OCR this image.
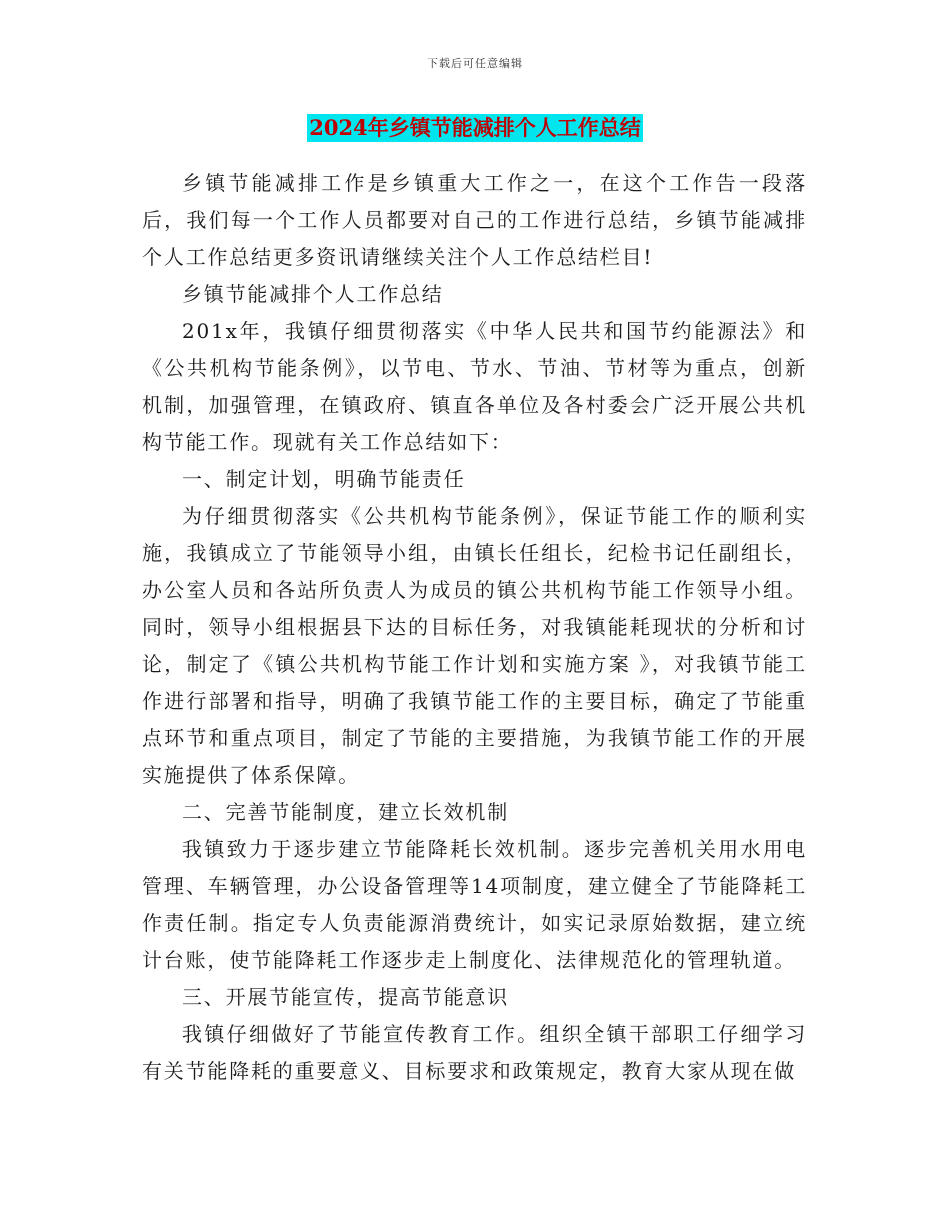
下载后可任意编辑
2024年乡镇节能减排个人工作总结

乡镇节能减排工作是乡镇重大工作之一，在这个工作告一段落后，我们每一个工作人员都要对自己的工作进行总结，乡镇节能减排个人工作总结更多资讯请继续关注个人工作总结栏目!

乡镇节能减排个人工作总结

201x年，我镇仔细贯彻落实《中华人民共和国节约能源法》和《公共机构节能条例》，以节电、节水、节油、节材等为重点，创新机制，加强管理，在镇政府、镇直各单位及各村委会广泛开展公共机构节能工作。现就有关工作总结如下：

一、制定计划，明确节能责任

为仔细贯彻落实《公共机构节能条例》，保证节能工作的顺利实施，我镇成立了节能领导小组，由镇长任组长，纪检书记任副组长，办公室人员和各站所负责人为成员的镇公共机构节能工作领导小组。同时，领导小组根据县下达的目标任务，对我镇能耗现状的分析和讨论，制定了《镇公共机构节能工作计划和实施方案 》，对我镇节能工作进行部署和指导，明确了我镇节能工作的主要目标，确定了节能重点环节和重点项目，制定了节能的主要措施，为我镇节能工作的开展实施提供了体系保障。

二、完善节能制度，建立长效机制

我镇致力于逐步建立节能降耗长效机制。逐步完善机关用水用电管理、车辆管理，办公设备管理等14项制度，建立健全了节能降耗工作责任制。指定专人负责能源消费统计，如实记录原始数据，建立统计台账，使节能降耗工作逐步走上制度化、法律规范化的管理轨道。

三、开展节能宣传，提高节能意识

我镇仔细做好了节能宣传教育工作。组织全镇干部职工仔细学习有关节能降耗的重要意义、目标要求和政策规定，教育大家从现在做
